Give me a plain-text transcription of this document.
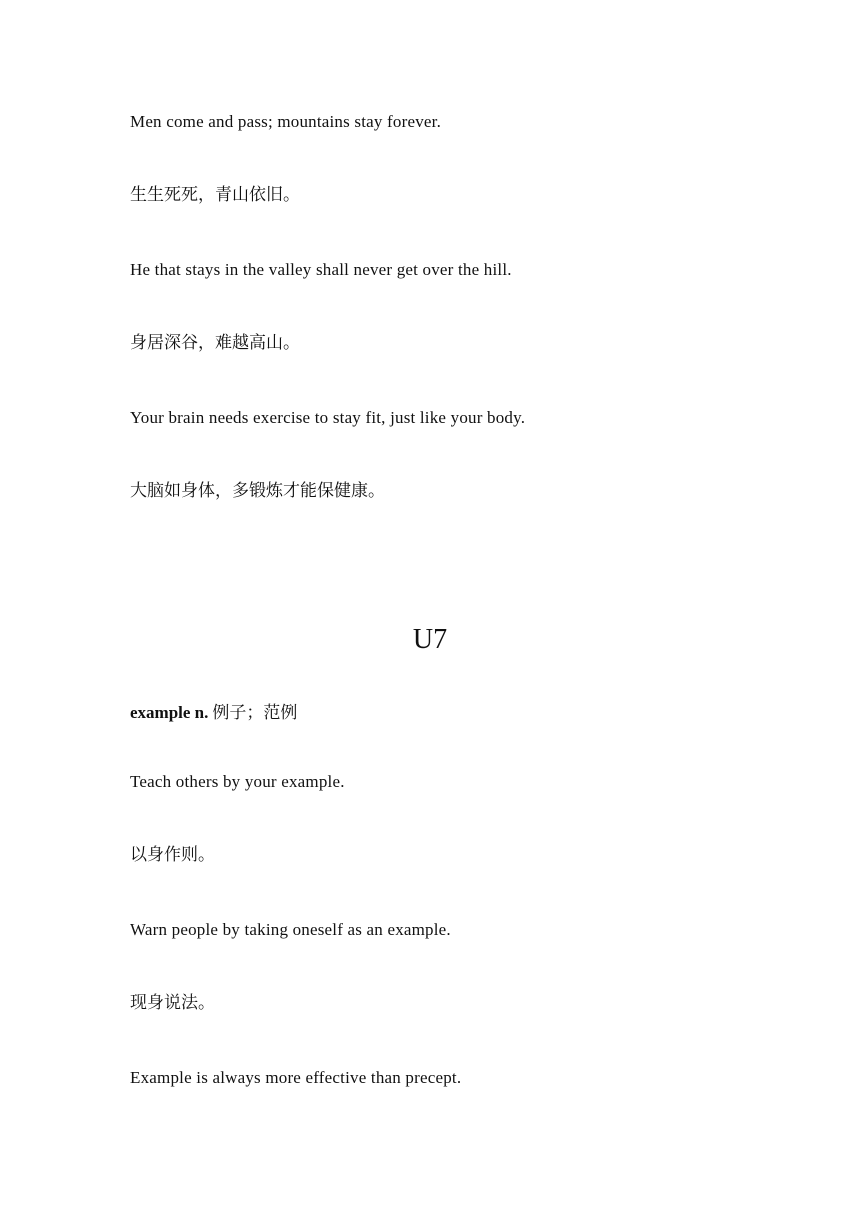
Men come and pass; mountains stay forever.
生生死死，青山依旧。
He that stays in the valley shall never get over the hill.
身居深谷，难越高山。
Your brain needs exercise to stay fit, just like your body.
大脑如身体，多锻炼才能保健康。
U7
example n. 例子；范例
Teach others by your example.
以身作则。
Warn people by taking oneself as an example.
现身说法。
Example is always more effective than precept.
